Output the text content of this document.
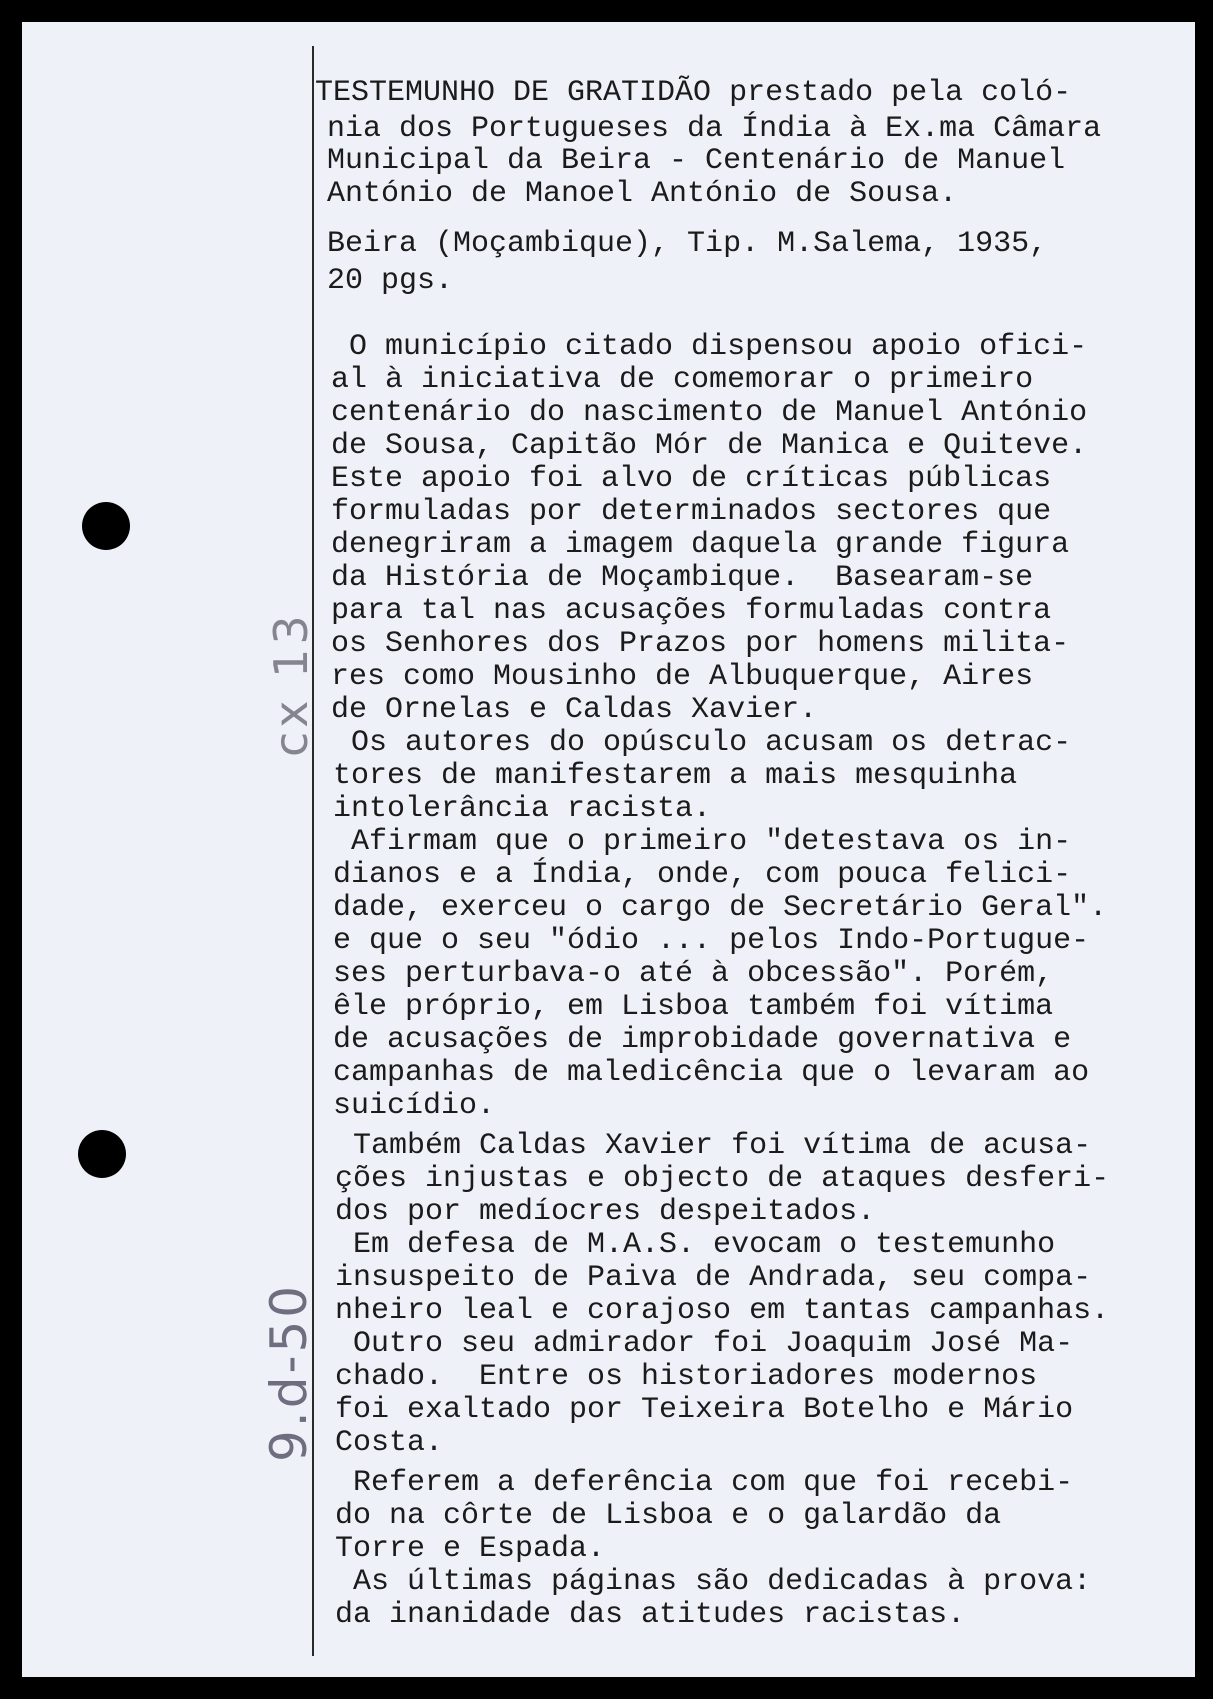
cx 13
9.d-50
TESTEMUNHO DE GRATIDÃO prestado pela coló-
nia dos Portugueses da Índia à Ex.ma Câmara
Municipal da Beira - Centenário de Manuel
António de Manoel António de Sousa.
Beira (Moçambique), Tip. M.Salema, 1935,
20 pgs.
O município citado dispensou apoio ofici-
al à iniciativa de comemorar o primeiro
centenário do nascimento de Manuel António
de Sousa, Capitão Mór de Manica e Quiteve.
Este apoio foi alvo de críticas públicas
formuladas por determinados sectores que
denegriram a imagem daquela grande figura
da História de Moçambique.  Basearam-se
para tal nas acusações formuladas contra
os Senhores dos Prazos por homens milita-
res como Mousinho de Albuquerque, Aires
de Ornelas e Caldas Xavier.
Os autores do opúsculo acusam os detrac-
tores de manifestarem a mais mesquinha
intolerância racista.
Afirmam que o primeiro "detestava os in-
dianos e a Índia, onde, com pouca felici-
dade, exerceu o cargo de Secretário Geral".
e que o seu "ódio ... pelos Indo-Portugue-
ses perturbava-o até à obcessão". Porém,
êle próprio, em Lisboa também foi vítima
de acusações de improbidade governativa e
campanhas de maledicência que o levaram ao
suicídio.
Também Caldas Xavier foi vítima de acusa-
ções injustas e objecto de ataques desferi-
dos por medíocres despeitados.
Em defesa de M.A.S. evocam o testemunho
insuspeito de Paiva de Andrada, seu compa-
nheiro leal e corajoso em tantas campanhas.
Outro seu admirador foi Joaquim José Ma-
chado.  Entre os historiadores modernos
foi exaltado por Teixeira Botelho e Mário
Costa.
Referem a deferência com que foi recebi-
do na côrte de Lisboa e o galardão da
Torre e Espada.
As últimas páginas são dedicadas à prova:
da inanidade das atitudes racistas.
